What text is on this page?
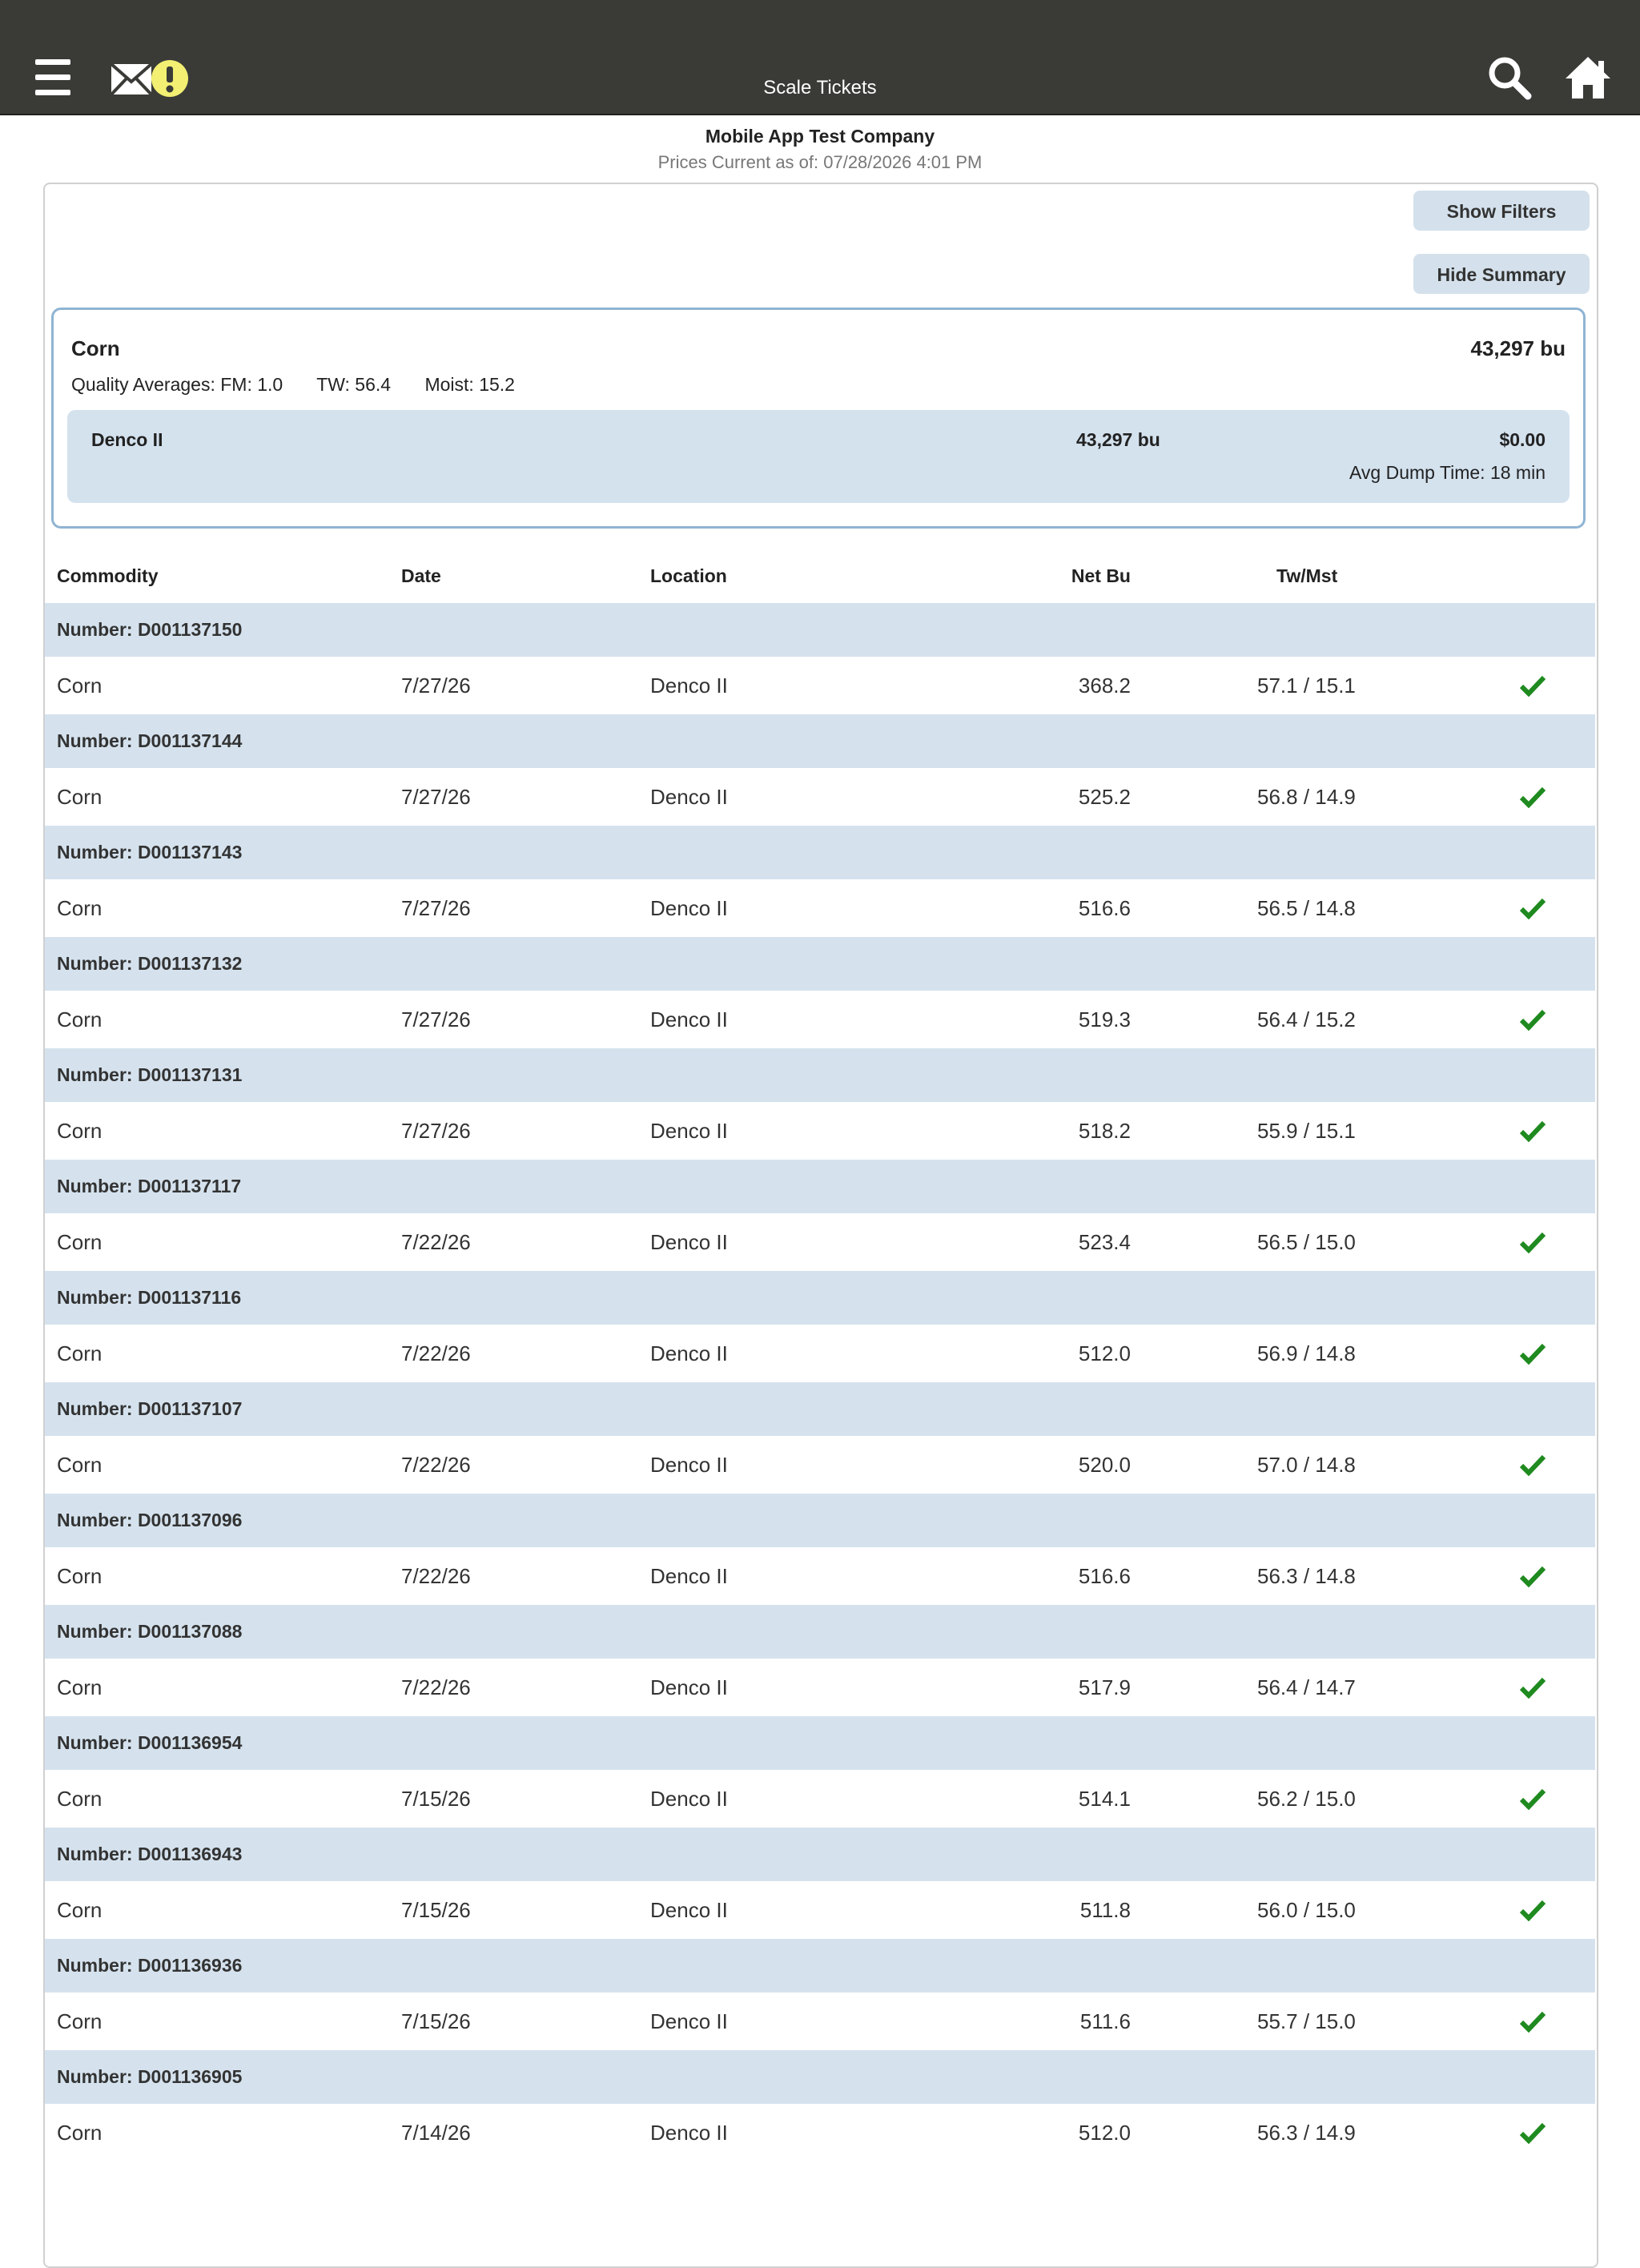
Scale Tickets
Mobile App Test Company
Prices Current as of: 07/28/2026 4:01 PM
Show Filters
Hide Summary
Corn	43,297 bu
Quality Averages: FM: 1.0 TW: 56.4 Moist: 15.2
Denco II	43,297 bu	$0.00
Avg Dump Time: 18 min
Commodity	Date	Location	Net Bu	Tw/Mst
Number: D001137150
Corn	7/27/26	Denco II	368.2	57.1 / 15.1
Number: D001137144
Corn	7/27/26	Denco II	525.2	56.8 / 14.9
Number: D001137143
Corn	7/27/26	Denco II	516.6	56.5 / 14.8
Number: D001137132
Corn	7/27/26	Denco II	519.3	56.4 / 15.2
Number: D001137131
Corn	7/27/26	Denco II	518.2	55.9 / 15.1
Number: D001137117
Corn	7/22/26	Denco II	523.4	56.5 / 15.0
Number: D001137116
Corn	7/22/26	Denco II	512.0	56.9 / 14.8
Number: D001137107
Corn	7/22/26	Denco II	520.0	57.0 / 14.8
Number: D001137096
Corn	7/22/26	Denco II	516.6	56.3 / 14.8
Number: D001137088
Corn	7/22/26	Denco II	517.9	56.4 / 14.7
Number: D001136954
Corn	7/15/26	Denco II	514.1	56.2 / 15.0
Number: D001136943
Corn	7/15/26	Denco II	511.8	56.0 / 15.0
Number: D001136936
Corn	7/15/26	Denco II	511.6	55.7 / 15.0
Number: D001136905
Corn	7/14/26	Denco II	512.0	56.3 / 14.9
